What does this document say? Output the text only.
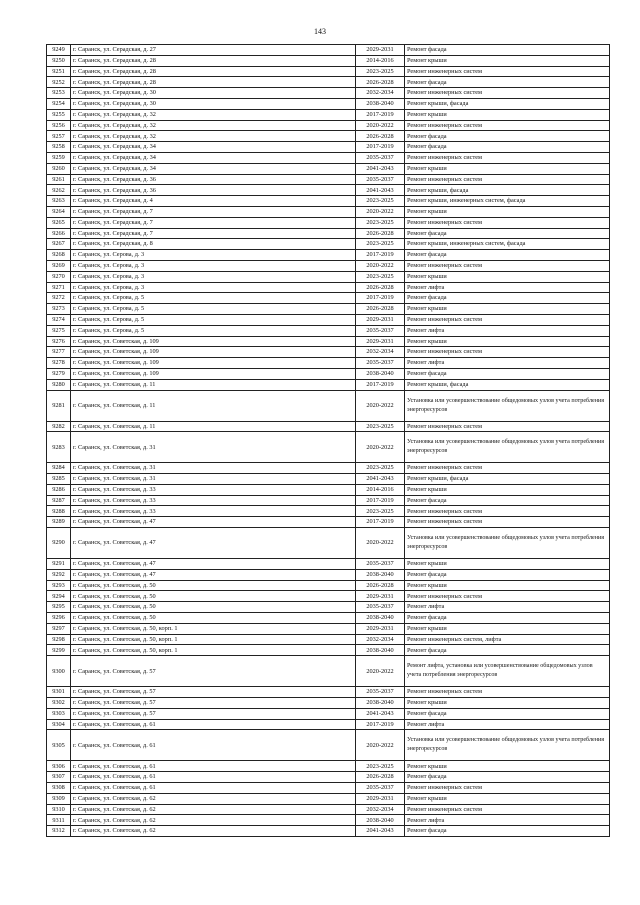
143
9249	г. Саранск, ул. Серадская, д. 27	2029-2031	Ремонт фасада
9250	г. Саранск, ул. Серадская, д. 28	2014-2016	Ремонт крыши
9251	г. Саранск, ул. Серадская, д. 28	2023-2025	Ремонт инженерных систем
9252	г. Саранск, ул. Серадская, д. 28	2026-2028	Ремонт фасада
9253	г. Саранск, ул. Серадская, д. 30	2032-2034	Ремонт инженерных систем
9254	г. Саранск, ул. Серадская, д. 30	2038-2040	Ремонт крыши, фасада
9255	г. Саранск, ул. Серадская, д. 32	2017-2019	Ремонт крыши
9256	г. Саранск, ул. Серадская, д. 32	2020-2022	Ремонт инженерных систем
9257	г. Саранск, ул. Серадская, д. 32	2026-2028	Ремонт фасада
9258	г. Саранск, ул. Серадская, д. 34	2017-2019	Ремонт фасада
9259	г. Саранск, ул. Серадская, д. 34	2035-2037	Ремонт инженерных систем
9260	г. Саранск, ул. Серадская, д. 34	2041-2043	Ремонт крыши
9261	г. Саранск, ул. Серадская, д. 36	2035-2037	Ремонт инженерных систем
9262	г. Саранск, ул. Серадская, д. 36	2041-2043	Ремонт крыши, фасада
9263	г. Саранск, ул. Серадская, д. 4	2023-2025	Ремонт крыши, инженерных систем, фасада
9264	г. Саранск, ул. Серадская, д. 7	2020-2022	Ремонт крыши
9265	г. Саранск, ул. Серадская, д. 7	2023-2025	Ремонт инженерных систем
9266	г. Саранск, ул. Серадская, д. 7	2026-2028	Ремонт фасада
9267	г. Саранск, ул. Серадская, д. 8	2023-2025	Ремонт крыши, инженерных систем, фасада
9268	г. Саранск, ул. Серова, д. 3	2017-2019	Ремонт фасада
9269	г. Саранск, ул. Серова, д. 3	2020-2022	Ремонт инженерных систем
9270	г. Саранск, ул. Серова, д. 3	2023-2025	Ремонт крыши
9271	г. Саранск, ул. Серова, д. 3	2026-2028	Ремонт лифта
9272	г. Саранск, ул. Серова, д. 5	2017-2019	Ремонт фасада
9273	г. Саранск, ул. Серова, д. 5	2026-2028	Ремонт крыши
9274	г. Саранск, ул. Серова, д. 5	2029-2031	Ремонт инженерных систем
9275	г. Саранск, ул. Серова, д. 5	2035-2037	Ремонт лифта
9276	г. Саранск, ул. Советская, д. 109	2029-2031	Ремонт крыши
9277	г. Саранск, ул. Советская, д. 109	2032-2034	Ремонт инженерных систем
9278	г. Саранск, ул. Советская, д. 109	2035-2037	Ремонт лифта
9279	г. Саранск, ул. Советская, д. 109	2038-2040	Ремонт фасада
9280	г. Саранск, ул. Советская, д. 11	2017-2019	Ремонт крыши, фасада
9281	г. Саранск, ул. Советская, д. 11	2020-2022	Установка или усовершенствование общедомовых узлов учета потребления энергоресурсов
9282	г. Саранск, ул. Советская, д. 11	2023-2025	Ремонт инженерных систем
9283	г. Саранск, ул. Советская, д. 31	2020-2022	Установка или усовершенствование общедомовых узлов учета потребления энергоресурсов
9284	г. Саранск, ул. Советская, д. 31	2023-2025	Ремонт инженерных систем
9285	г. Саранск, ул. Советская, д. 31	2041-2043	Ремонт крыши, фасада
9286	г. Саранск, ул. Советская, д. 33	2014-2016	Ремонт крыши
9287	г. Саранск, ул. Советская, д. 33	2017-2019	Ремонт фасада
9288	г. Саранск, ул. Советская, д. 33	2023-2025	Ремонт инженерных систем
9289	г. Саранск, ул. Советская, д. 47	2017-2019	Ремонт инженерных систем
9290	г. Саранск, ул. Советская, д. 47	2020-2022	Установка или усовершенствование общедомовых узлов учета потребления энергоресурсов
9291	г. Саранск, ул. Советская, д. 47	2035-2037	Ремонт крыши
9292	г. Саранск, ул. Советская, д. 47	2038-2040	Ремонт фасада
9293	г. Саранск, ул. Советская, д. 50	2026-2028	Ремонт крыши
9294	г. Саранск, ул. Советская, д. 50	2029-2031	Ремонт инженерных систем
9295	г. Саранск, ул. Советская, д. 50	2035-2037	Ремонт лифта
9296	г. Саранск, ул. Советская, д. 50	2038-2040	Ремонт фасада
9297	г. Саранск, ул. Советская, д. 50, корп. 1	2029-2031	Ремонт крыши
9298	г. Саранск, ул. Советская, д. 50, корп. 1	2032-2034	Ремонт инженерных систем, лифта
9299	г. Саранск, ул. Советская, д. 50, корп. 1	2038-2040	Ремонт фасада
9300	г. Саранск, ул. Советская, д. 57	2020-2022	Ремонт лифта, установка или усовершенствование общедомовых узлов учета потребления энергоресурсов
9301	г. Саранск, ул. Советская, д. 57	2035-2037	Ремонт инженерных систем
9302	г. Саранск, ул. Советская, д. 57	2038-2040	Ремонт крыши
9303	г. Саранск, ул. Советская, д. 57	2041-2043	Ремонт фасада
9304	г. Саранск, ул. Советская, д. 61	2017-2019	Ремонт лифта
9305	г. Саранск, ул. Советская, д. 61	2020-2022	Установка или усовершенствование общедомовых узлов учета потребления энергоресурсов
9306	г. Саранск, ул. Советская, д. 61	2023-2025	Ремонт крыши
9307	г. Саранск, ул. Советская, д. 61	2026-2028	Ремонт фасада
9308	г. Саранск, ул. Советская, д. 61	2035-2037	Ремонт инженерных систем
9309	г. Саранск, ул. Советская, д. 62	2029-2031	Ремонт крыши
9310	г. Саранск, ул. Советская, д. 62	2032-2034	Ремонт инженерных систем
9311	г. Саранск, ул. Советская, д. 62	2038-2040	Ремонт лифта
9312	г. Саранск, ул. Советская, д. 62	2041-2043	Ремонт фасада
